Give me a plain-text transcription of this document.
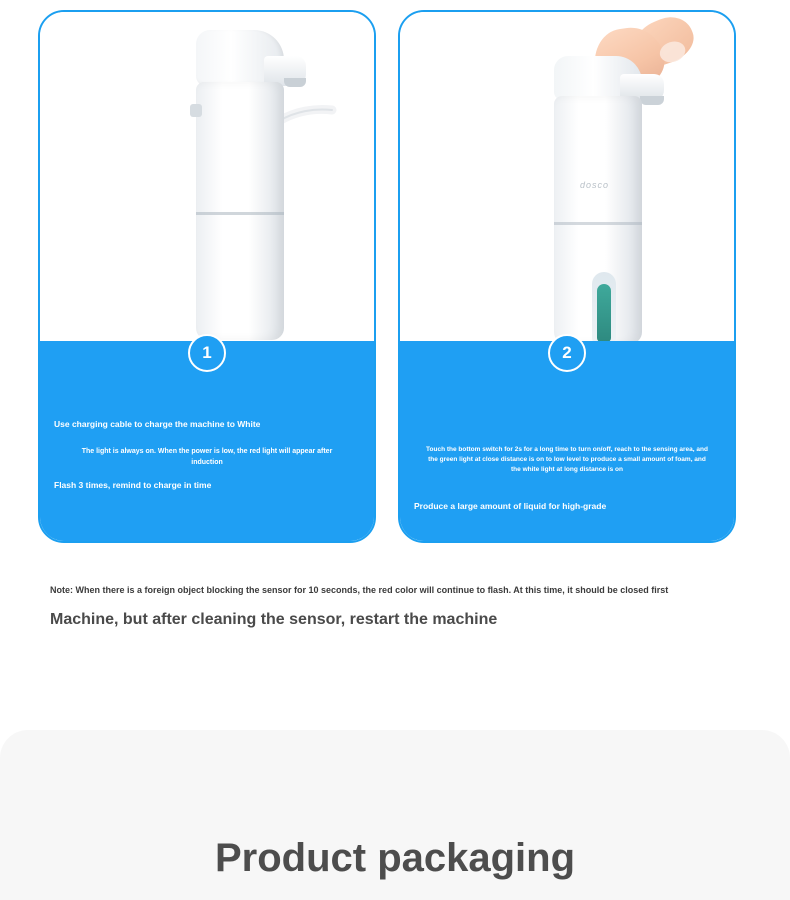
1
Use charging cable to charge the machine to White
The light is always on. When the power is low, the red light will appear after induction
Flash 3 times, remind to charge in time
dosco
2
Touch the bottom switch for 2s for a long time to turn on/off, reach to the sensing area, and the green light at close distance is on to low level to produce a small amount of foam, and the white light at long distance is on
Produce a large amount of liquid for high-grade
Note: When there is a foreign object blocking the sensor for 10 seconds, the red color will continue to flash. At this time, it should be closed first
Machine, but after cleaning the sensor, restart the machine
Product packaging
